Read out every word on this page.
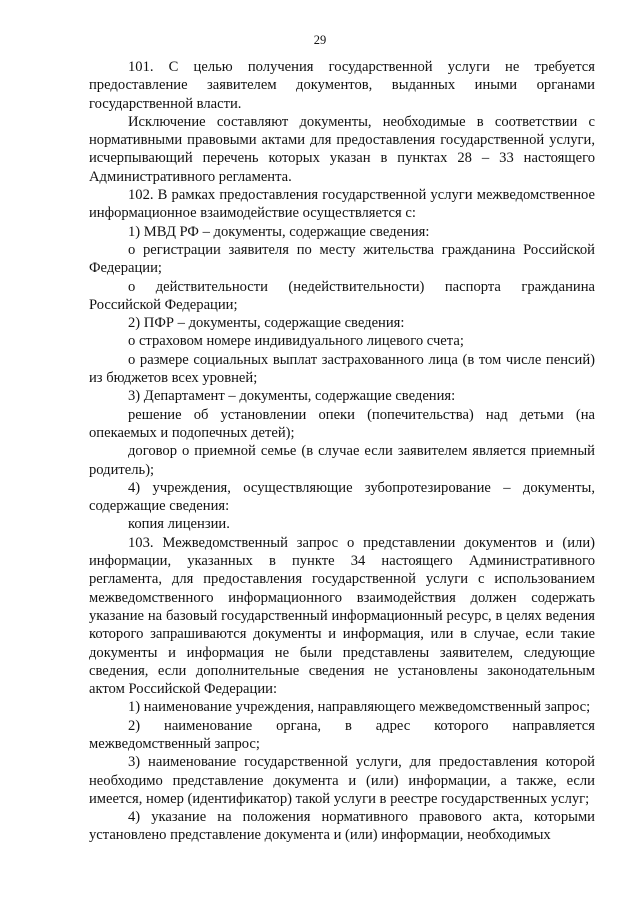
29

101. С целью получения государственной услуги не требуется предоставление заявителем документов, выданных иными органами государственной власти.

Исключение составляют документы, необходимые в соответствии с нормативными правовыми актами для предоставления государственной услуги, исчерпывающий перечень которых указан в пунктах 28 – 33 настоящего Административного регламента.

102. В рамках предоставления государственной услуги межведомственное информационное взаимодействие осуществляется с:

1) МВД РФ – документы, содержащие сведения:

о регистрации заявителя по месту жительства гражданина Российской Федерации;

о действительности (недействительности) паспорта гражданина Российской Федерации;

2) ПФР – документы, содержащие сведения:

о страховом номере индивидуального лицевого счета;

о размере социальных выплат застрахованного лица (в том числе пенсий) из бюджетов всех уровней;

3) Департамент – документы, содержащие сведения:

решение об установлении опеки (попечительства) над детьми (на опекаемых и подопечных детей);

договор о приемной семье (в случае если заявителем является приемный родитель);

4) учреждения, осуществляющие зубопротезирование – документы, содержащие сведения:

копия лицензии.

103. Межведомственный запрос о представлении документов и (или) информации, указанных в пункте 34 настоящего Административного регламента, для предоставления государственной услуги с использованием межведомственного информационного взаимодействия должен содержать указание на базовый государственный информационный ресурс, в целях ведения которого запрашиваются документы и информация, или в случае, если такие документы и информация не были представлены заявителем, следующие сведения, если дополнительные сведения не установлены законодательным актом Российской Федерации:

1) наименование учреждения, направляющего межведомственный запрос;

2) наименование органа, в адрес которого направляется межведомственный запрос;

3) наименование государственной услуги, для предоставления которой необходимо представление документа и (или) информации, а также, если имеется, номер (идентификатор) такой услуги в реестре государственных услуг;

4) указание на положения нормативного правового акта, которыми установлено представление документа и (или) информации, необходимых
